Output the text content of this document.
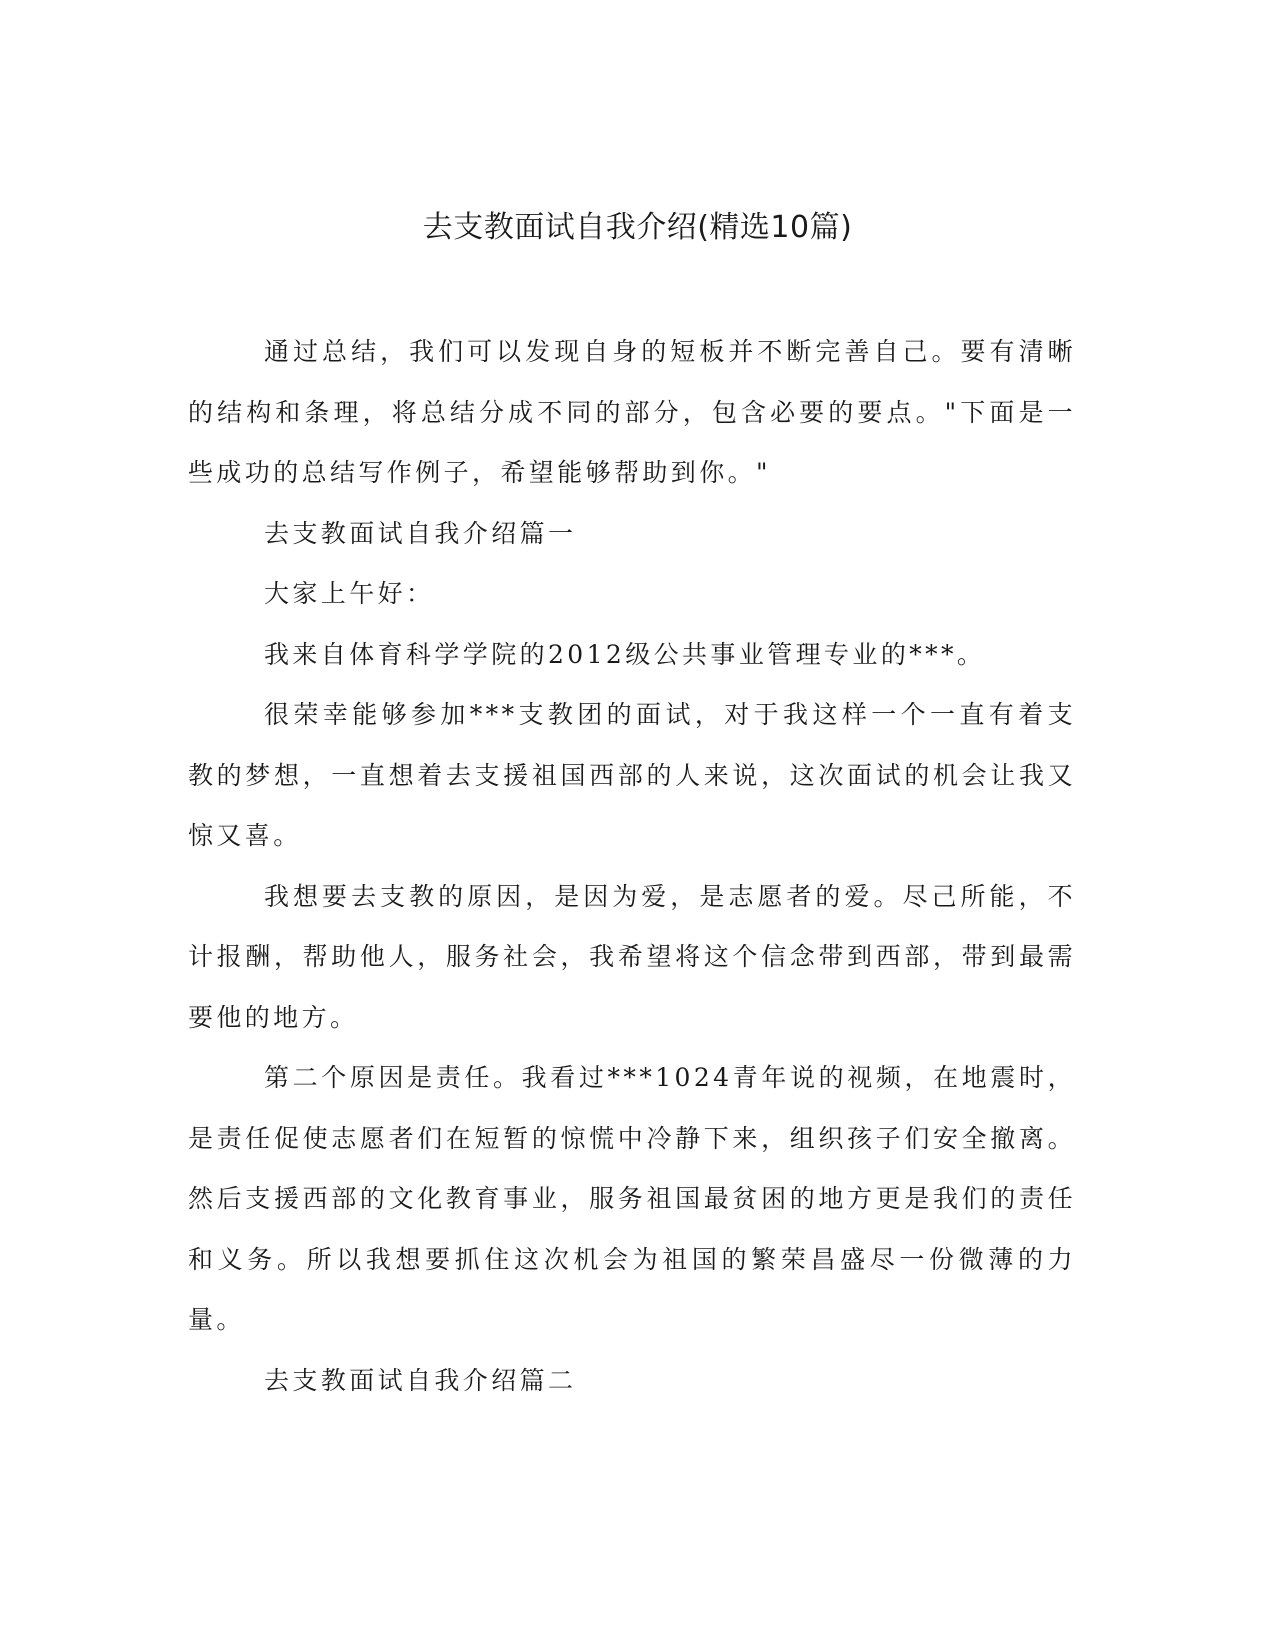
去支教面试自我介绍(精选10篇)

通过总结，我们可以发现自身的短板并不断完善自己。要有清晰的结构和条理，将总结分成不同的部分，包含必要的要点。"下面是一些成功的总结写作例子，希望能够帮助到你。"

去支教面试自我介绍篇一

大家上午好：

我来自体育科学学院的2012级公共事业管理专业的***。

很荣幸能够参加***支教团的面试，对于我这样一个一直有着支教的梦想，一直想着去支援祖国西部的人来说，这次面试的机会让我又惊又喜。

我想要去支教的原因，是因为爱，是志愿者的爱。尽己所能，不计报酬，帮助他人，服务社会，我希望将这个信念带到西部，带到最需要他的地方。

第二个原因是责任。我看过***1024青年说的视频，在地震时，是责任促使志愿者们在短暂的惊慌中冷静下来，组织孩子们安全撤离。然后支援西部的文化教育事业，服务祖国最贫困的地方更是我们的责任和义务。所以我想要抓住这次机会为祖国的繁荣昌盛尽一份微薄的力量。

去支教面试自我介绍篇二
